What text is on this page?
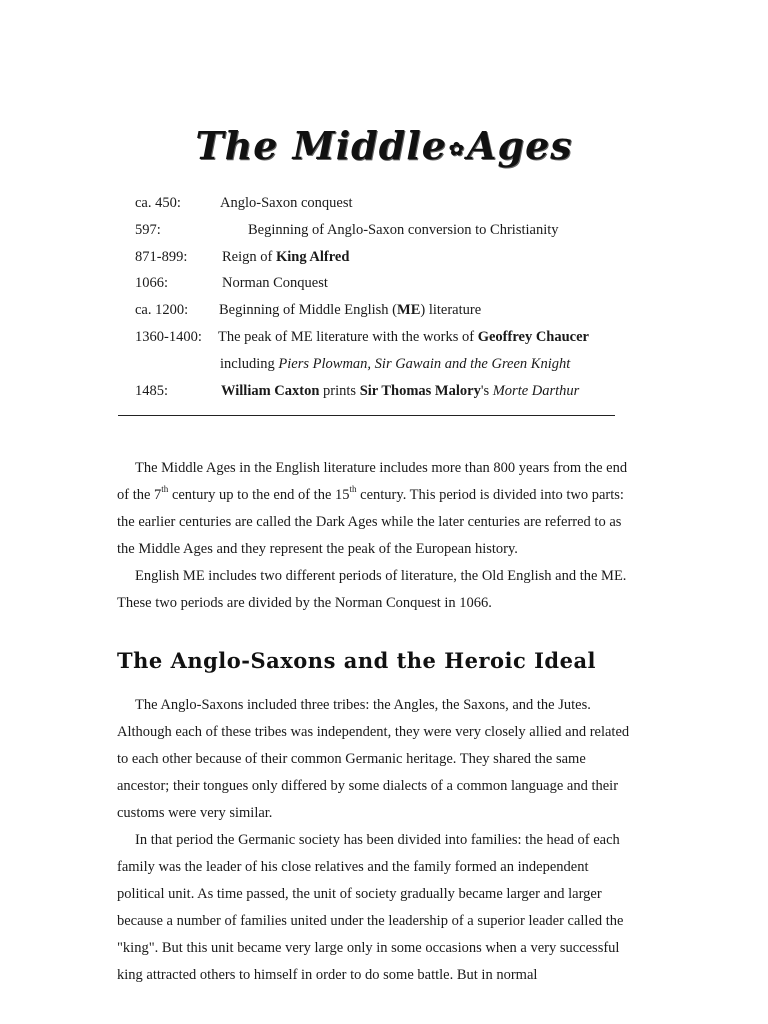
The Middle ✿Ages
ca. 450:	Anglo-Saxon conquest
597:	Beginning of Anglo-Saxon conversion to Christianity
871-899: Reign of King Alfred
1066:	Norman Conquest
ca. 1200: Beginning of Middle English (ME) literature
1360-1400: The peak of ME literature with the works of Geoffrey Chaucer
including Piers Plowman, Sir Gawain and the Green Knight
1485:	William Caxton prints Sir Thomas Malory's Morte Darthur

The Middle Ages in the English literature includes more than 800 years from the end of the 7th century up to the end of the 15th century. This period is divided into two parts: the earlier centuries are called the Dark Ages while the later centuries are referred to as the Middle Ages and they represent the peak of the European history.

English ME includes two different periods of literature, the Old English and the ME. These two periods are divided by the Norman Conquest in 1066.

The Anglo-Saxons and the Heroic Ideal

The Anglo-Saxons included three tribes: the Angles, the Saxons, and the Jutes. Although each of these tribes was independent, they were very closely allied and related to each other because of their common Germanic heritage. They shared the same ancestor; their tongues only differed by some dialects of a common language and their customs were very similar.

In that period the Germanic society has been divided into families: the head of each family was the leader of his close relatives and the family formed an independent political unit. As time passed, the unit of society gradually became larger and larger because a number of families united under the leadership of a superior leader called the "king". But this unit became very large only in some occasions when a very successful king attracted others to himself in order to do some battle. But in normal
